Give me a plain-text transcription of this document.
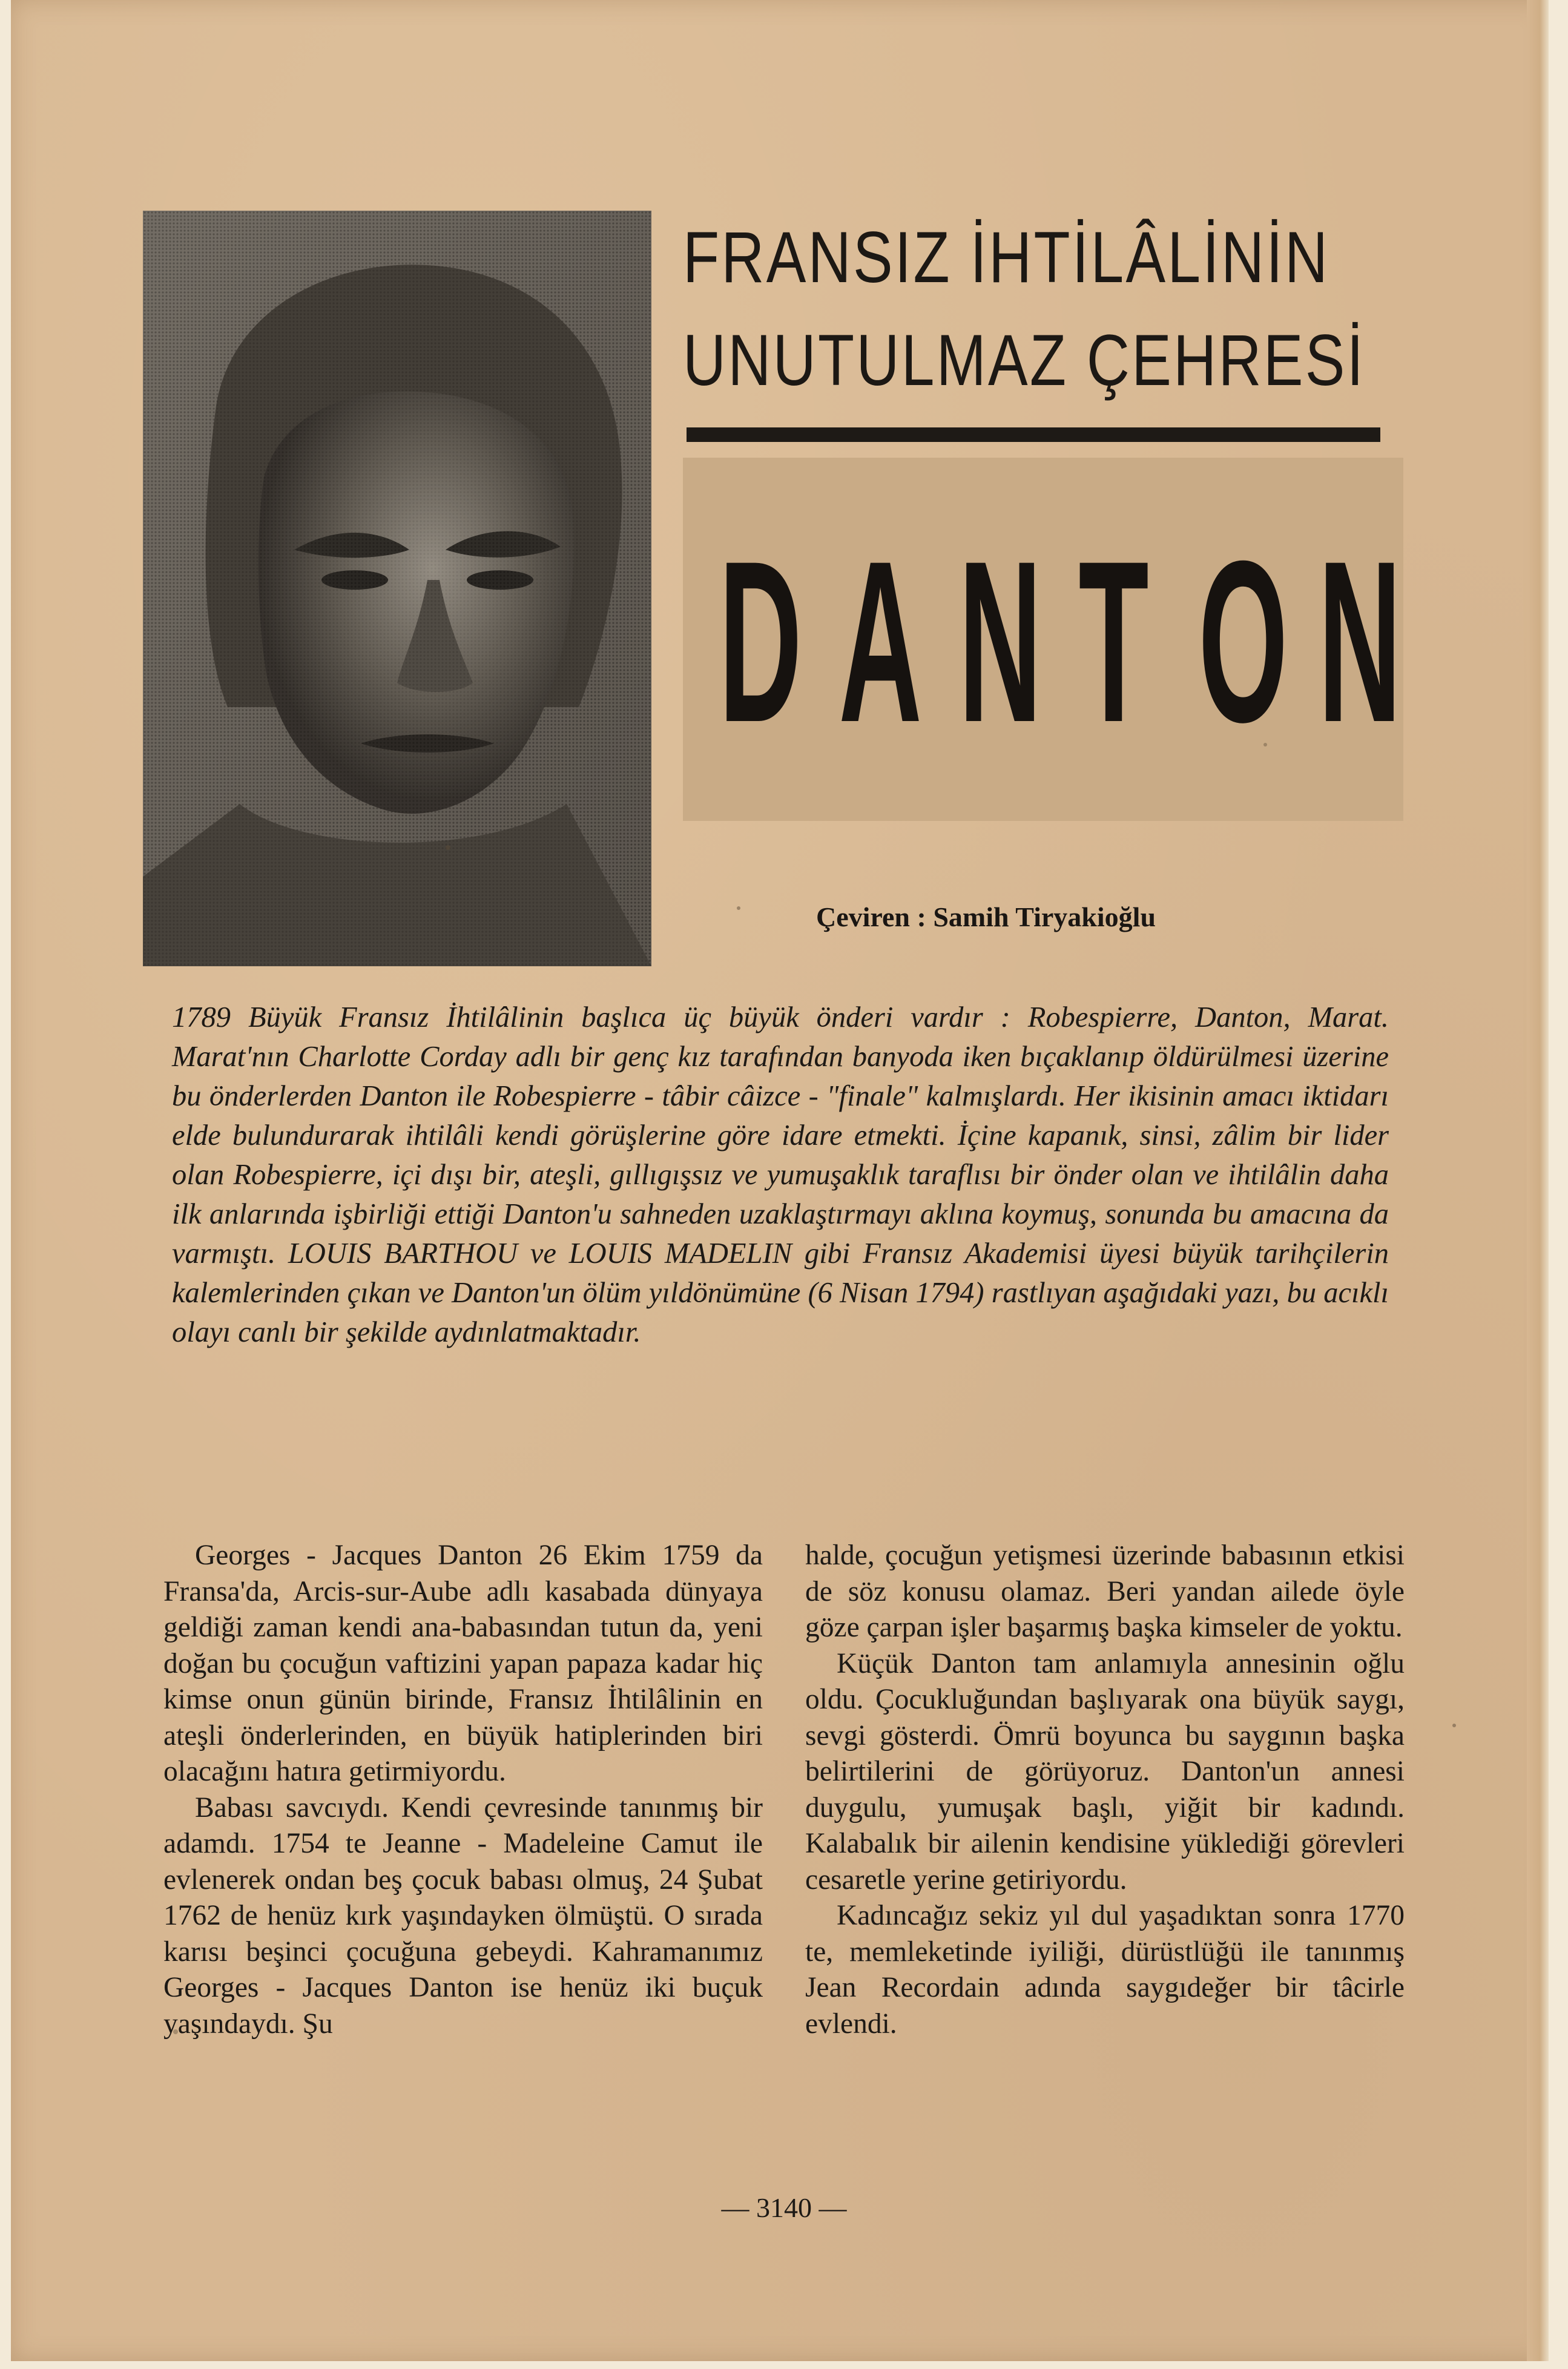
FRANSIZ İHTİLÂLİNİN
UNUTULMAZ ÇEHRESİ
D A N T O N
Çeviren : Samih Tiryakioğlu
1789 Büyük Fransız İhtilâlinin başlıca üç büyük önderi vardır : Robespierre, Danton, Marat. Marat'nın Charlotte Corday adlı bir genç kız tarafından banyoda iken bıçaklanıp öldürülmesi üzerine bu önderlerden Danton ile Robespierre - tâbir câizce - "finale" kalmışlardı. Her ikisinin amacı iktidarı elde bulundurarak ihtilâli kendi görüşlerine göre idare etmekti. İçine kapanık, sinsi, zâlim bir lider olan Robespierre, içi dışı bir, ateşli, gıllıgışsız ve yumuşaklık taraflısı bir önder olan ve ihtilâlin daha ilk anlarında işbirliği ettiği Danton'u sahneden uzaklaştırmayı aklına koymuş, sonunda bu amacına da varmıştı. LOUIS BARTHOU ve LOUIS MADELIN gibi Fransız Akademisi üyesi büyük tarihçilerin kalemlerinden çıkan ve Danton'un ölüm yıldönümüne (6 Nisan 1794) rastlıyan aşağıdaki yazı, bu acıklı olayı canlı bir şekilde aydınlatmaktadır.

Georges - Jacques Danton 26 Ekim 1759 da Fransa'da, Arcis-sur-Aube adlı kasabada dünyaya geldiği zaman kendi ana-babasından tutun da, yeni doğan bu çocuğun vaftizini yapan papaza kadar hiç kimse onun günün birinde, Fransız İhtilâlinin en ateşli önderlerinden, en büyük hatiplerinden biri olacağını hatıra getirmiyordu.

Babası savcıydı. Kendi çevresinde tanınmış bir adamdı. 1754 te Jeanne - Madeleine Camut ile evlenerek ondan beş çocuk babası olmuş, 24 Şubat 1762 de henüz kırk yaşındayken ölmüştü. O sırada karısı beşinci çocuğuna gebeydi. Kahramanımız Georges - Jacques Danton ise henüz iki buçuk yaşındaydı. Şu

halde, çocuğun yetişmesi üzerinde babasının etkisi de söz konusu olamaz. Beri yandan ailede öyle göze çarpan işler başarmış başka kimseler de yoktu.

Küçük Danton tam anlamıyla annesinin oğlu oldu. Çocukluğundan başlıyarak ona büyük saygı, sevgi gösterdi. Ömrü boyunca bu saygının başka belirtilerini de görüyoruz. Danton'un annesi duygulu, yumuşak başlı, yiğit bir kadındı. Kalabalık bir ailenin kendisine yüklediği görevleri cesaretle yerine getiriyordu.

Kadıncağız sekiz yıl dul yaşadıktan sonra 1770 te, memleketinde iyiliği, dürüstlüğü ile tanınmış Jean Recordain adında saygıdeğer bir tâcirle evlendi.

— 3140 —
